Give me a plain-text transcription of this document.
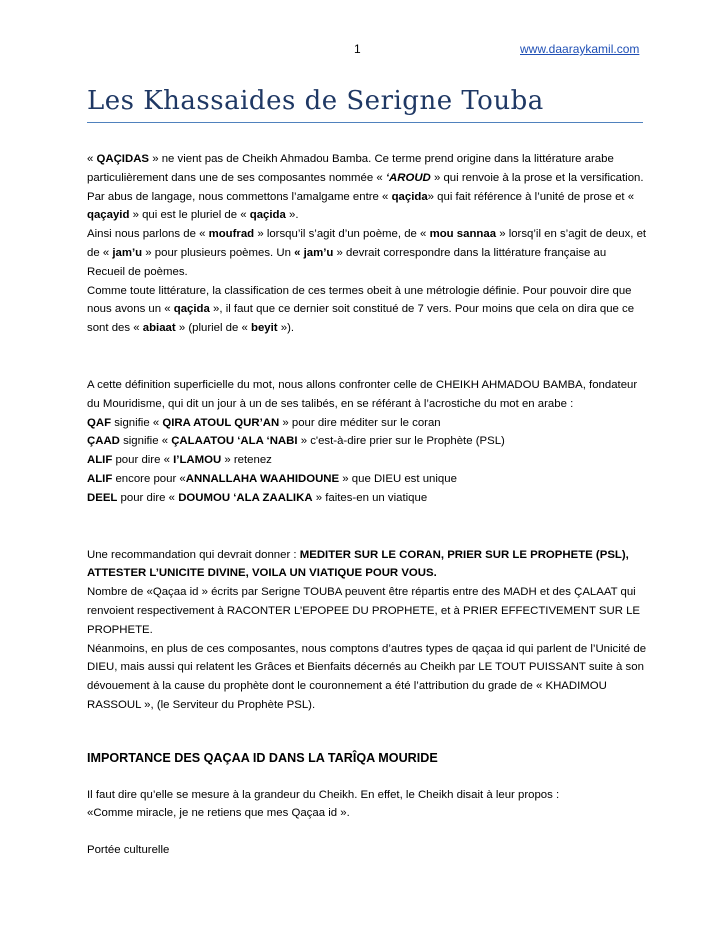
1	www.daaraykamil.com
Les Khassaides de Serigne Touba

« QAÇIDAS » ne vient pas de Cheikh Ahmadou Bamba. Ce terme prend origine dans la littérature arabe particulièrement dans une de ses composantes nommée « ‘AROUD » qui renvoie à la prose et la versification.

Par abus de langage, nous commettons l’amalgame entre « qaçida» qui fait référence à l’unité de prose et « qaçayid » qui est le pluriel de « qaçida ».

Ainsi nous parlons de « moufrad » lorsqu’il s’agit d’un poème, de « mou sannaa » lorsq’il en s’agit de deux, et de « jam’u » pour plusieurs poèmes. Un « jam’u » devrait correspondre dans la littérature française au Recueil de poèmes.

Comme toute littérature, la classification de ces termes obeit à une métrologie définie. Pour pouvoir dire que nous avons un « qaçida », il faut que ce dernier soit constitué de 7 vers. Pour moins que cela on dira que ce sont des « abiaat » (pluriel de « beyit »).

A cette définition superficielle du mot, nous allons confronter celle de CHEIKH AHMADOU BAMBA, fondateur du Mouridisme, qui dit un jour à un de ses talibés, en se référant à l’acrostiche du mot en arabe :

QAF signifie « QIRA ATOUL QUR’AN » pour dire méditer sur le coran

ÇAAD signifie « ÇALAATOU ‘ALA ‘NABI » c'est-à-dire prier sur le Prophète (PSL)

ALIF pour dire « I’LAMOU » retenez

ALIF encore pour «ANNALLAHA WAAHIDOUNE » que DIEU est unique

DEEL pour dire « DOUMOU ‘ALA ZAALIKA » faites-en un viatique

Une recommandation qui devrait donner : MEDITER SUR LE CORAN, PRIER SUR LE PROPHETE (PSL), ATTESTER L’UNICITE DIVINE, VOILA UN VIATIQUE POUR VOUS.

Nombre de «Qaçaa id » écrits par Serigne TOUBA peuvent être répartis entre des MADH et des ÇALAAT qui renvoient respectivement à RACONTER L’EPOPEE DU PROPHETE, et à PRIER EFFECTIVEMENT SUR LE PROPHETE.

Néanmoins, en plus de ces composantes, nous comptons d’autres types de qaçaa id qui parlent de l’Unicité de DIEU, mais aussi qui relatent les Grâces et Bienfaits décernés au Cheikh par LE TOUT PUISSANT suite à son dévouement à la cause du prophète dont le couronnement a été l’attribution du grade de « KHADIMOU RASSOUL », (le Serviteur du Prophète PSL).

IMPORTANCE DES QAÇAA ID DANS LA TARÎQA MOURIDE

Il faut dire qu’elle se mesure à la grandeur du Cheikh. En effet, le Cheikh disait à leur propos :

«Comme miracle, je ne retiens que mes Qaçaa id ».

Portée culturelle
